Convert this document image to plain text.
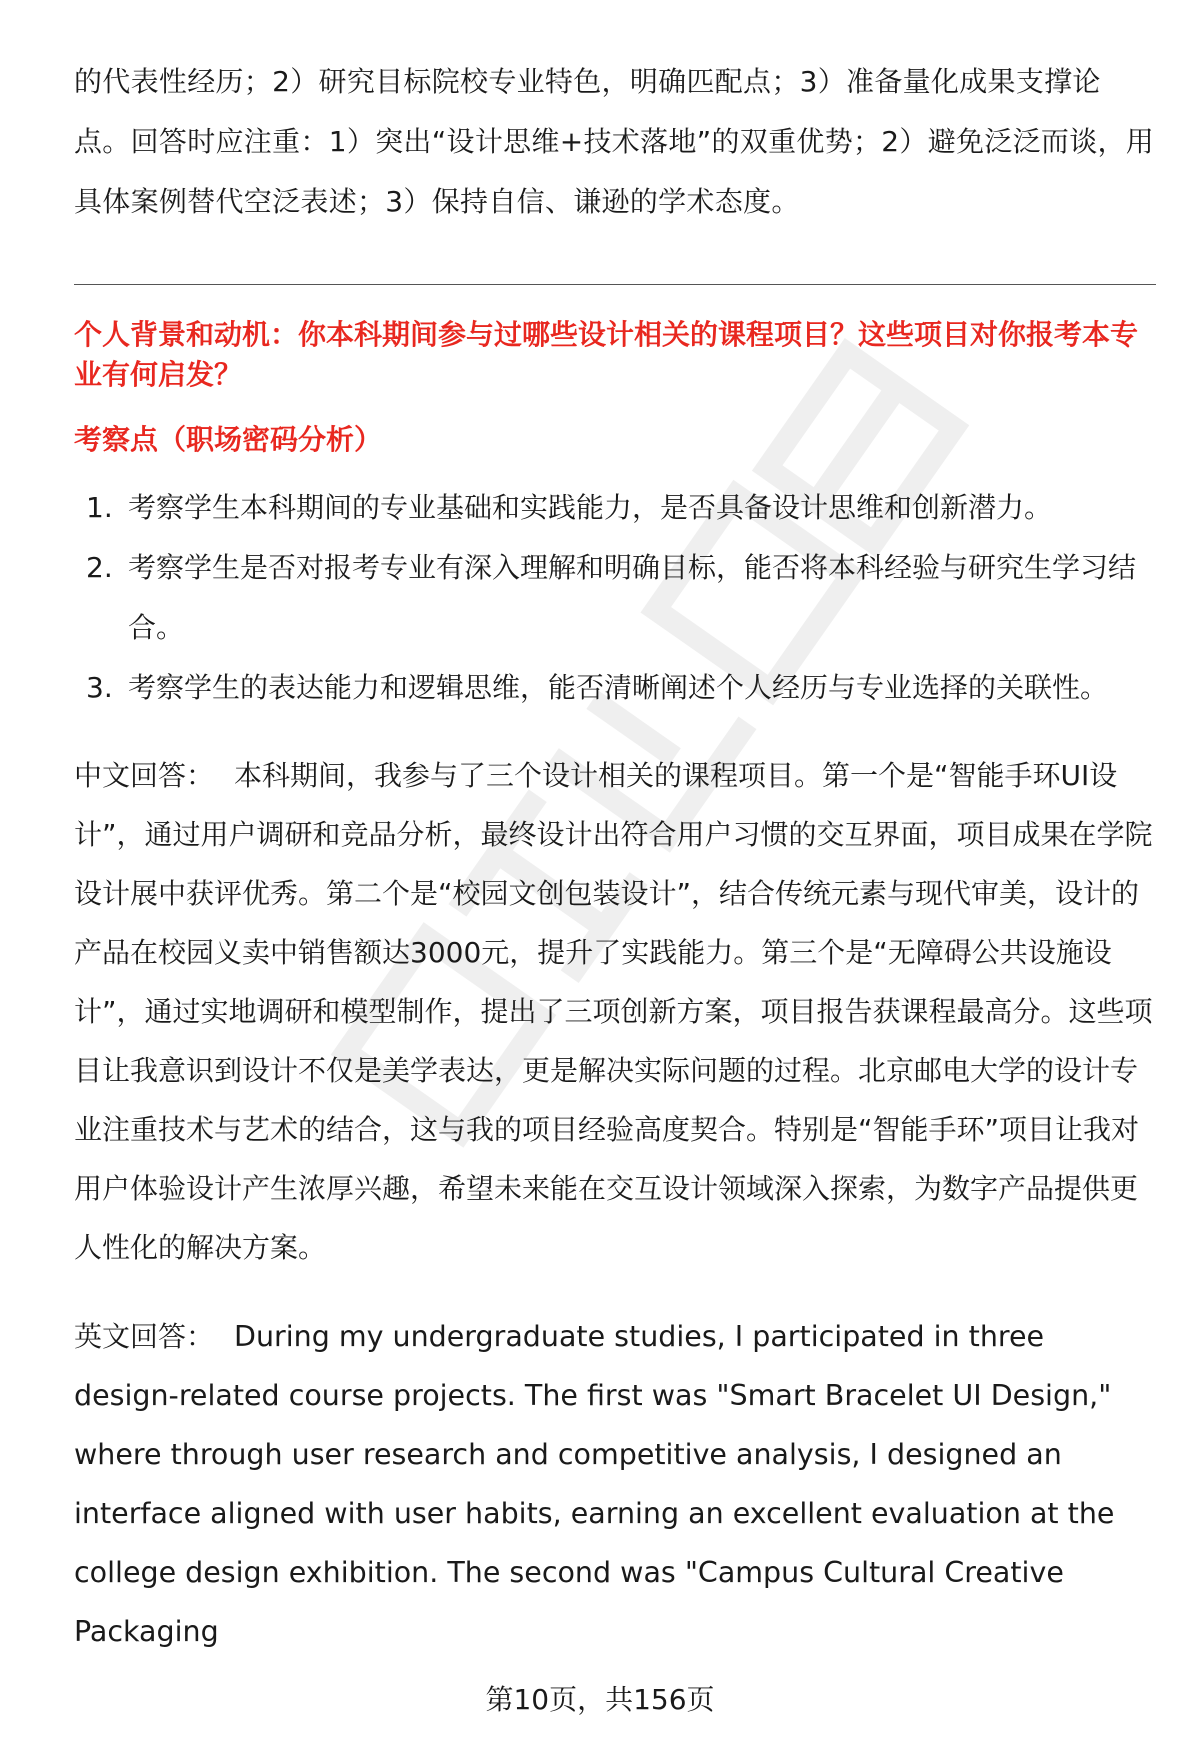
的代表性经历；2）研究目标院校专业特色，明确匹配点；3）准备量化成果支撑论点。回答时应注重：1）突出“设计思维+技术落地”的双重优势；2）避免泛泛而谈，用具体案例替代空泛表述；3）保持自信、谦逊的学术态度。

个人背景和动机：你本科期间参与过哪些设计相关的课程项目？这些项目对你报考本专业有何启发？
考察点（职场密码分析）
1. 考察学生本科期间的专业基础和实践能力，是否具备设计思维和创新潜力。
2. 考察学生是否对报考专业有深入理解和明确目标，能否将本科经验与研究生学习结合。
3. 考察学生的表达能力和逻辑思维，能否清晰阐述个人经历与专业选择的关联性。

中文回答： 本科期间，我参与了三个设计相关的课程项目。第一个是“智能手环UI设计”，通过用户调研和竞品分析，最终设计出符合用户习惯的交互界面，项目成果在学院设计展中获评优秀。第二个是“校园文创包装设计”，结合传统元素与现代审美，设计的产品在校园义卖中销售额达3000元，提升了实践能力。第三个是“无障碍公共设施设计”，通过实地调研和模型制作，提出了三项创新方案，项目报告获课程最高分。这些项目让我意识到设计不仅是美学表达，更是解决实际问题的过程。北京邮电大学的设计专业注重技术与艺术的结合，这与我的项目经验高度契合。特别是“智能手环”项目让我对用户体验设计产生浓厚兴趣，希望未来能在交互设计领域深入探索，为数字产品提供更人性化的解决方案。

英文回答： During my undergraduate studies, I participated in three design-related course projects. The first was "Smart Bracelet UI Design," where through user research and competitive analysis, I designed an interface aligned with user habits, earning an excellent evaluation at the college design exhibition. The second was "Campus Cultural Creative Packaging

第10页，共156页
